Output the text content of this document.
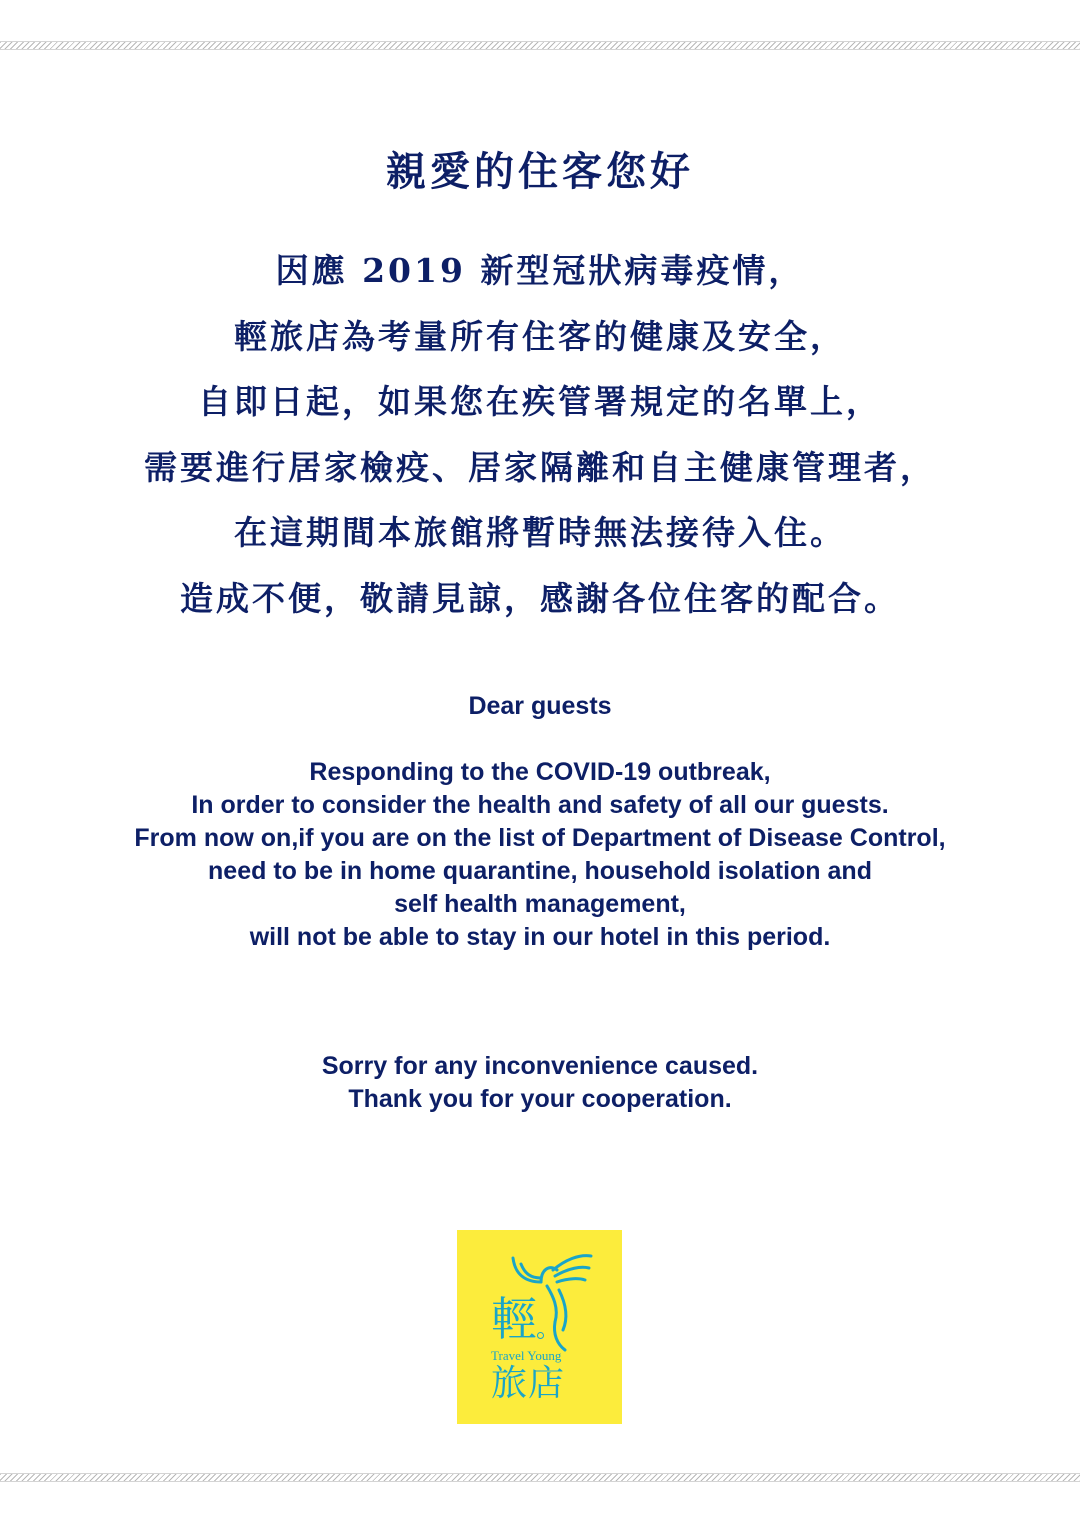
親愛的住客您好
因應 2019 新型冠狀病毒疫情，
輕旅店為考量所有住客的健康及安全，
自即日起，如果您在疾管署規定的名單上，
需要進行居家檢疫、居家隔離和自主健康管理者，
在這期間本旅館將暫時無法接待入住。
造成不便，敬請見諒，感謝各位住客的配合。

Dear guests

Responding to the COVID-19 outbreak,
In order to consider the health and safety of all our guests.
From now on,if you are on the list of Department of Disease Control,
need to be in home quarantine, household isolation and
self health management,
will not be able to stay in our hotel in this period.
Sorry for any inconvenience caused.
Thank you for your cooperation.
輕
Travel Young
旅店
